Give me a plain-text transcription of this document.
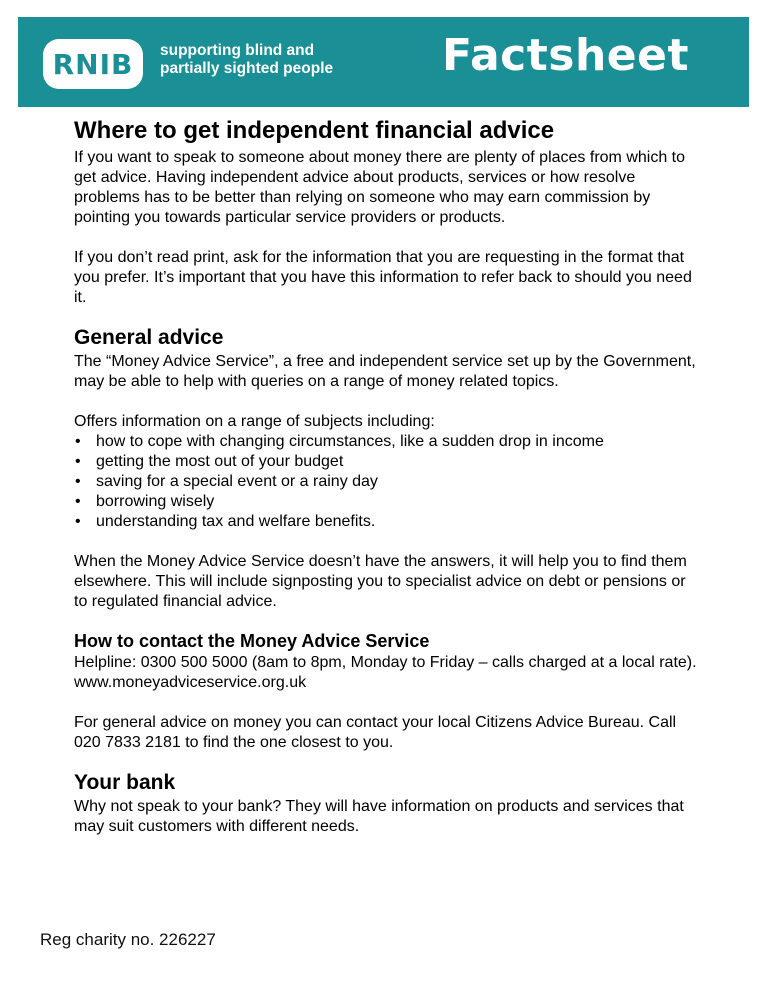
RNIB supporting blind and
partially sighted people Factsheet
Where to get independent financial advice

If you want to speak to someone about money there are plenty of places from which to get advice. Having independent advice about products, services or how resolve problems has to be better than relying on someone who may earn commission by pointing you towards particular service providers or products.

If you don’t read print, ask for the information that you are requesting in the format that you prefer. It’s important that you have this information to refer back to should you need it.

General advice

The “Money Advice Service”, a free and independent service set up by the Government, may be able to help with queries on a range of money related topics.

Offers information on a range of subjects including:

• how to cope with changing circumstances, like a sudden drop in income
• getting the most out of your budget
• saving for a special event or a rainy day
• borrowing wisely
• understanding tax and welfare benefits.

When the Money Advice Service doesn’t have the answers, it will help you to find them elsewhere. This will include signposting you to specialist advice on debt or pensions or to regulated financial advice.

How to contact the Money Advice Service

Helpline: 0300 500 5000 (8am to 8pm, Monday to Friday – calls charged at a local rate).

www.moneyadviceservice.org.uk

For general advice on money you can contact your local Citizens Advice Bureau. Call 020 7833 2181 to find the one closest to you.

Your bank

Why not speak to your bank? They will have information on products and services that may suit customers with different needs.

Reg charity no. 226227
